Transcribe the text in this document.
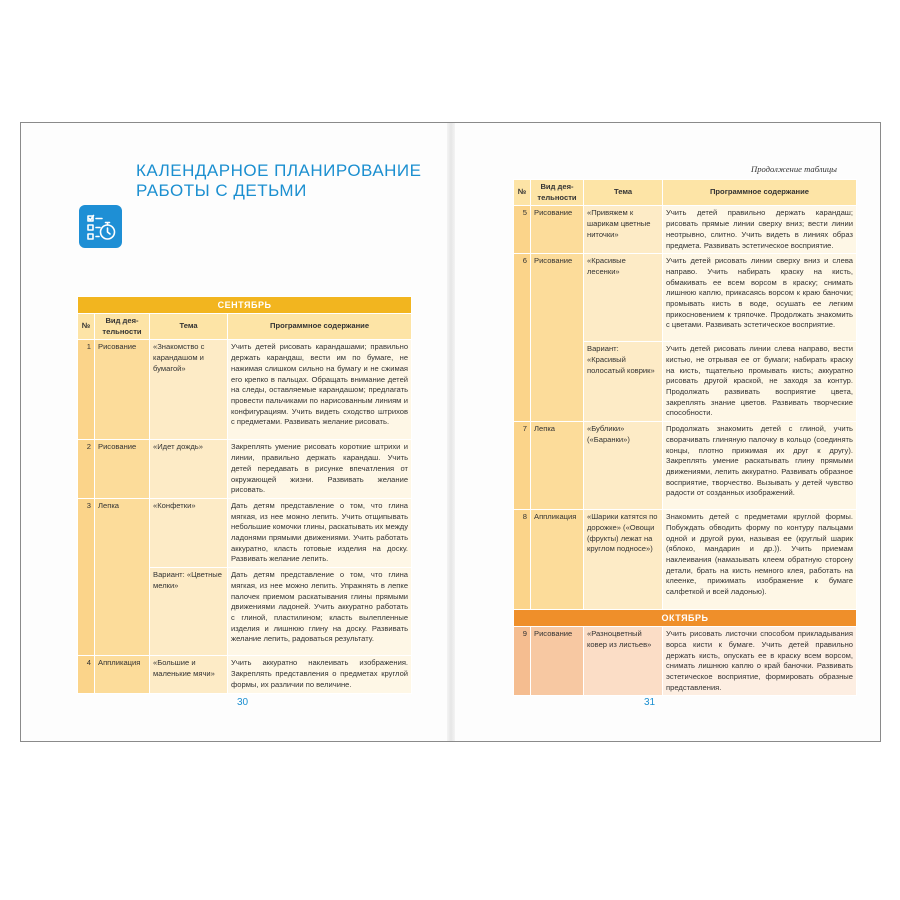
КАЛЕНДАРНОЕ ПЛАНИРОВАНИЕ
РАБОТЫ С ДЕТЬМИ
СЕНТЯБРЬ			
№	Вид дея-тельности	Тема	Программное содержание
1	Рисование	«Знакомство с карандашом и бумагой»	Учить детей рисовать карандашами; правильно держать карандаш, вести им по бумаге, не нажимая слишком сильно на бумагу и не сжимая его крепко в пальцах. Обращать внимание детей на следы, оставляемые карандашом; предлагать провести пальчиками по нарисованным линиям и конфигурациям. Учить видеть сходство штрихов с предметами. Развивать желание рисовать.
2	Рисование	«Идет дождь»	Закреплять умение рисовать короткие штрихи и линии, правильно держать карандаш. Учить детей передавать в рисунке впечатления от окружающей жизни. Развивать желание рисовать.
3	Лепка	«Конфетки»	Дать детям представление о том, что глина мягкая, из нее можно лепить. Учить отщипывать небольшие комочки глины, раскатывать их между ладонями прямыми движениями. Учить работать аккуратно, класть готовые изделия на доску. Развивать желание лепить.
		Вариант: «Цветные мелки»	Дать детям представление о том, что глина мягкая, из нее можно лепить. Упражнять в лепке палочек приемом раскатывания глины прямыми движениями ладоней. Учить аккуратно работать с глиной, пластилином; класть вылепленные изделия и лишнюю глину на доску. Развивать желание лепить, радоваться результату.
4	Аппликация	«Большие и маленькие мячи»	Учить аккуратно наклеивать изображения. Закреплять представления о предметах круглой формы, их различии по величине.
30
Продолжение таблицы
№	Вид дея-тельности	Тема	Программное содержание
5	Рисование	«Привяжем к шарикам цветные ниточки»	Учить детей правильно держать карандаш; рисовать прямые линии сверху вниз; вести линии неотрывно, слитно. Учить видеть в линиях образ предмета. Развивать эстетическое восприятие.
6	Рисование	«Красивые лесенки»	Учить детей рисовать линии сверху вниз и слева направо. Учить набирать краску на кисть, обмакивать ее всем ворсом в краску; снимать лишнюю каплю, прикасаясь ворсом к краю баночки; промывать кисть в воде, осушать ее легким прикосновением к тряпочке. Продолжать знакомить с цветами. Развивать эстетическое восприятие.
		Вариант: «Красивый полосатый коврик»	Учить детей рисовать линии слева направо, вести кистью, не отрывая ее от бумаги; набирать краску на кисть, тщательно промывать кисть; аккуратно рисовать другой краской, не заходя за контур. Продолжать развивать восприятие цвета, закреплять знание цветов. Развивать творческие способности.
7	Лепка	«Бублики» («Баранки»)	Продолжать знакомить детей с глиной, учить сворачивать глиняную палочку в кольцо (соединять концы, плотно прижимая их друг к другу). Закреплять умение раскатывать глину прямыми движениями, лепить аккуратно. Развивать образное восприятие, творчество. Вызывать у детей чувство радости от созданных изображений.
8	Аппликация	«Шарики катятся по дорожке» («Овощи (фрукты) лежат на круглом подносе»)	Знакомить детей с предметами круглой формы. Побуждать обводить форму по контуру пальцами одной и другой руки, называя ее (круглый шарик (яблоко, мандарин и др.)). Учить приемам наклеивания (намазывать клеем обратную сторону детали, брать на кисть немного клея, работать на клеенке, прижимать изображение к бумаге салфеткой и всей ладонью).
ОКТЯБРЬ			
9	Рисование	«Разноцветный ковер из листьев»	Учить рисовать листочки способом прикладывания ворса кисти к бумаге. Учить детей правильно держать кисть, опускать ее в краску всем ворсом, снимать лишнюю каплю о край баночки. Развивать эстетическое восприятие, формировать образные представления.
31
